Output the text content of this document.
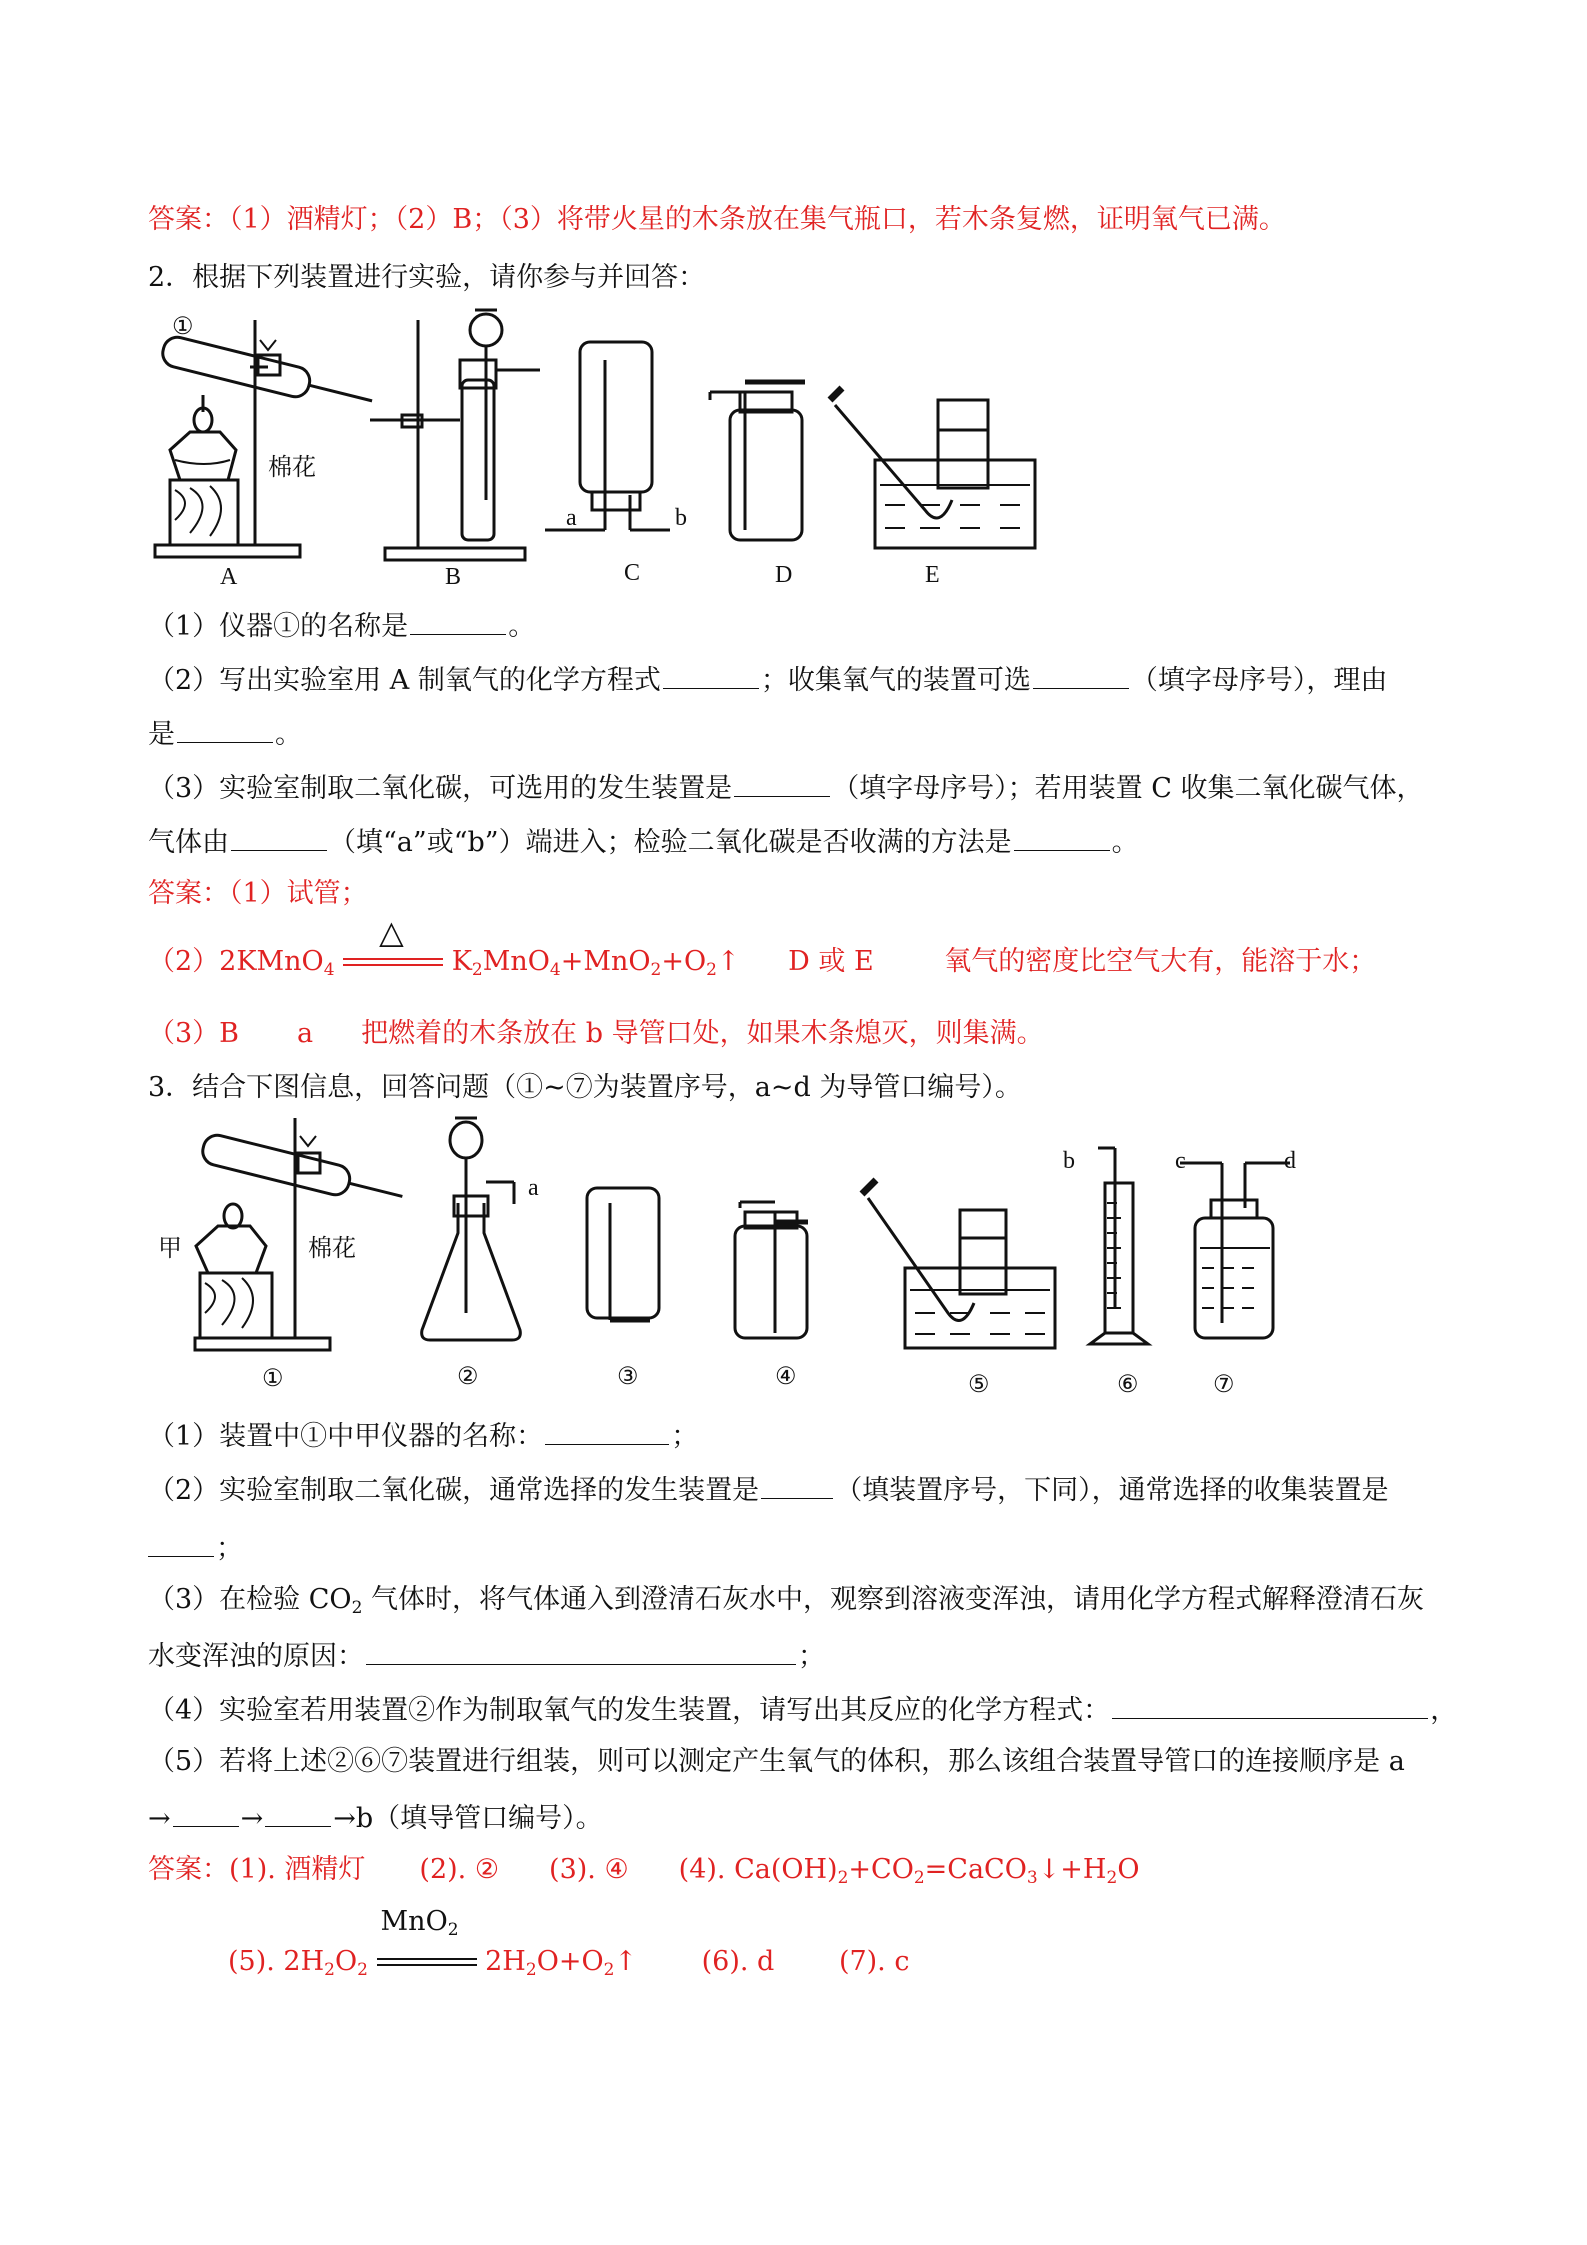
答案：（1）酒精灯；（2）B；（3）将带火星的木条放在集气瓶口，若木条复燃，证明氧气已满。
2．根据下列装置进行实验，请你参与并回答：
①
棉花
a	b
A	B	C	D	E
（1）仪器①的名称是	。
（2）写出实验室用 A 制氧气的化学方程式	；收集氧气的装置可选	（填字母序号），理由
是	。
（3）实验室制取二氧化碳，可选用的发生装置是	（填字母序号）；若用装置 C 收集二氧化碳气体，
气体由	（填“a”或“b”）端进入；检验二氧化碳是否收满的方法是	。
答案：（1）试管；
（2）2KMnO$_4$
△
$K_2MnO_4+MnO_2+O_2↑$ D 或 E	氧气的密度比空气大有，能溶于水；
（3）B a 把燃着的木条放在 b 导管口处，如果木条熄灭，则集满。
3．结合下图信息，回答问题（①~⑦为装置序号，a~d 为导管口编号）。
甲	棉花
a
b	c	d
①	②	③	④	⑤	⑥	⑦
（1）装置中①中甲仪器的名称：	；
（2）实验室制取二氧化碳，通常选择的发生装置是	（填装置序号，下同），通常选择的收集装置是
；
（3）在检验 $CO_2$ 气体时，将气体通入到澄清石灰水中，观察到溶液变浑浊，请用化学方程式解释澄清石灰
水变浑浊的原因：	；
（4）实验室若用装置②作为制取氧气的发生装置，请写出其反应的化学方程式：	，
（5）若将上述②⑥⑦装置进行组装，则可以测定产生氧气的体积，那么该组合装置导管口的连接顺序是 a
→	→	→b（填导管口编号）。
答案：(1). 酒精灯 (2). ② (3). ④ (4). $Ca(OH)_2+CO_2=CaCO_3↓+H_2O$
(5). $2H_2O_2$
MnO$_2$
$2H_2O+O_2↑$ (6). d (7). c
